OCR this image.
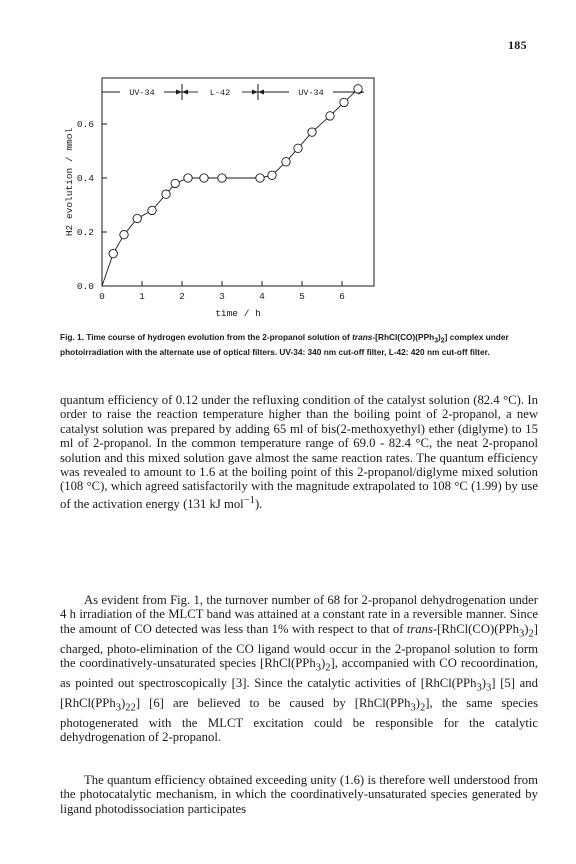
185
UV-34	L-42	UV-34
0	1	2	3	4	5	6
0.0
0.2
0.4
0.6
time / h
H2 evolution / mmol

Fig. 1. Time course of hydrogen evolution from the 2-propanol solution of trans-$[RhCl(CO)(PPh_3)_2]$ complex under photoirradiation with the alternate use of optical filters. UV-34: 340 nm cut-off filter, L-42: 420 nm cut-off filter.

quantum efficiency of 0.12 under the refluxing condition of the catalyst solution (82.4 °C). In order to raise the reaction temperature higher than the boiling point of 2-propanol, a new catalyst solution was prepared by adding 65 ml of bis(2-methoxyethyl) ether (diglyme) to 15 ml of 2-propanol. In the common temperature range of 69.0 - 82.4 °C, the neat 2-propanol solution and this mixed solution gave almost the same reaction rates. The quantum efficiency was revealed to amount to 1.6 at the boiling point of this 2-propanol/diglyme mixed solution (108 °C), which agreed satisfactorily with the magnitude extrapolated to 108 °C (1.99) by use of the activation energy (131 kJ mol$^{-1}$).

As evident from Fig. 1, the turnover number of 68 for 2-propanol dehydrogenation under 4 h irradiation of the MLCT band was attained at a constant rate in a reversible manner. Since the amount of CO detected was less than 1% with respect to that of trans-$[RhCl(CO)(PPh_3)_2]$ charged, photo-elimination of the CO ligand would occur in the 2-propanol solution to form the coordinatively-unsaturated species $[RhCl(PPh_3)_2]$, accompanied with CO recoordination, as pointed out spectroscopically [3]. Since the catalytic activities of $[RhCl(PPh_3)_3]$ [5] and $[RhCl(PPh_3)_{22}]$ [6] are believed to be caused by $[RhCl(PPh_3)_2]$, the same species photogenerated with the MLCT excitation could be responsible for the catalytic dehydrogenation of 2-propanol.

The quantum efficiency obtained exceeding unity (1.6) is therefore well understood from the photocatalytic mechanism, in which the coordinatively-unsaturated species generated by ligand photodissociation participates
